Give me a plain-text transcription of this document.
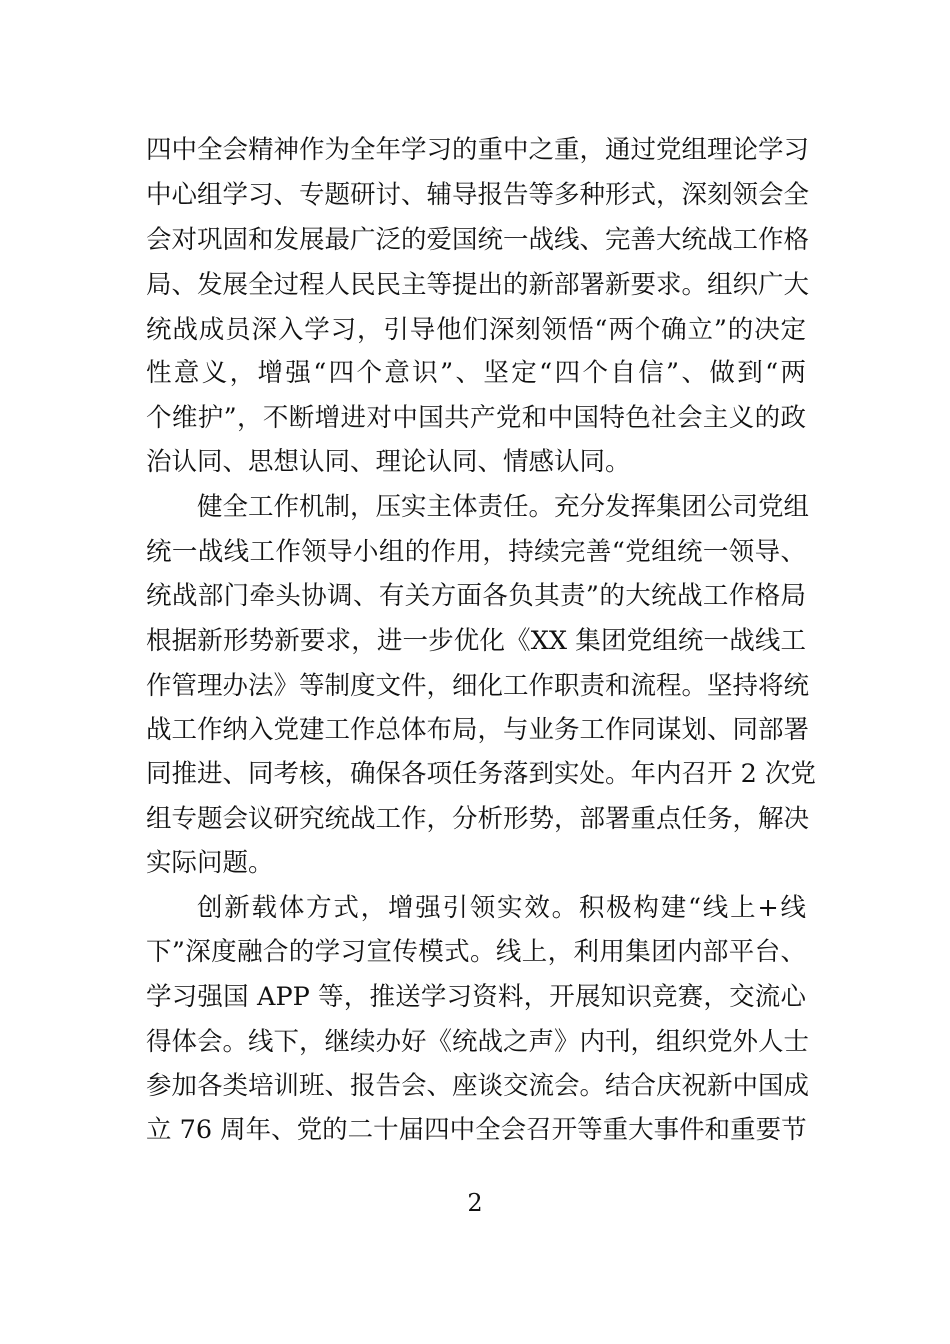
四中全会精神作为全年学习的重中之重，通过党组理论学习
中心组学习、专题研讨、辅导报告等多种形式，深刻领会全
会对巩固和发展最广泛的爱国统一战线、完善大统战工作格
局、发展全过程人民民主等提出的新部署新要求。组织广大
统战成员深入学习，引导他们深刻领悟“两个确立”的决定
性意义，增强“四个意识”、坚定“四个自信”、做到“两
个维护”，不断增进对中国共产党和中国特色社会主义的政
治认同、思想认同、理论认同、情感认同。
健全工作机制，压实主体责任。充分发挥集团公司党组
统一战线工作领导小组的作用，持续完善“党组统一领导、
统战部门牵头协调、有关方面各负其责”的大统战工作格局
根据新形势新要求，进一步优化《XX 集团党组统一战线工
作管理办法》等制度文件，细化工作职责和流程。坚持将统
战工作纳入党建工作总体布局，与业务工作同谋划、同部署
同推进、同考核，确保各项任务落到实处。年内召开 2 次党
组专题会议研究统战工作，分析形势，部署重点任务，解决
实际问题。
创新载体方式，增强引领实效。积极构建“线上+线
下”深度融合的学习宣传模式。线上，利用集团内部平台、
学习强国 APP 等，推送学习资料，开展知识竞赛，交流心
得体会。线下，继续办好《统战之声》内刊，组织党外人士
参加各类培训班、报告会、座谈交流会。结合庆祝新中国成
立 76 周年、党的二十届四中全会召开等重大事件和重要节
2
